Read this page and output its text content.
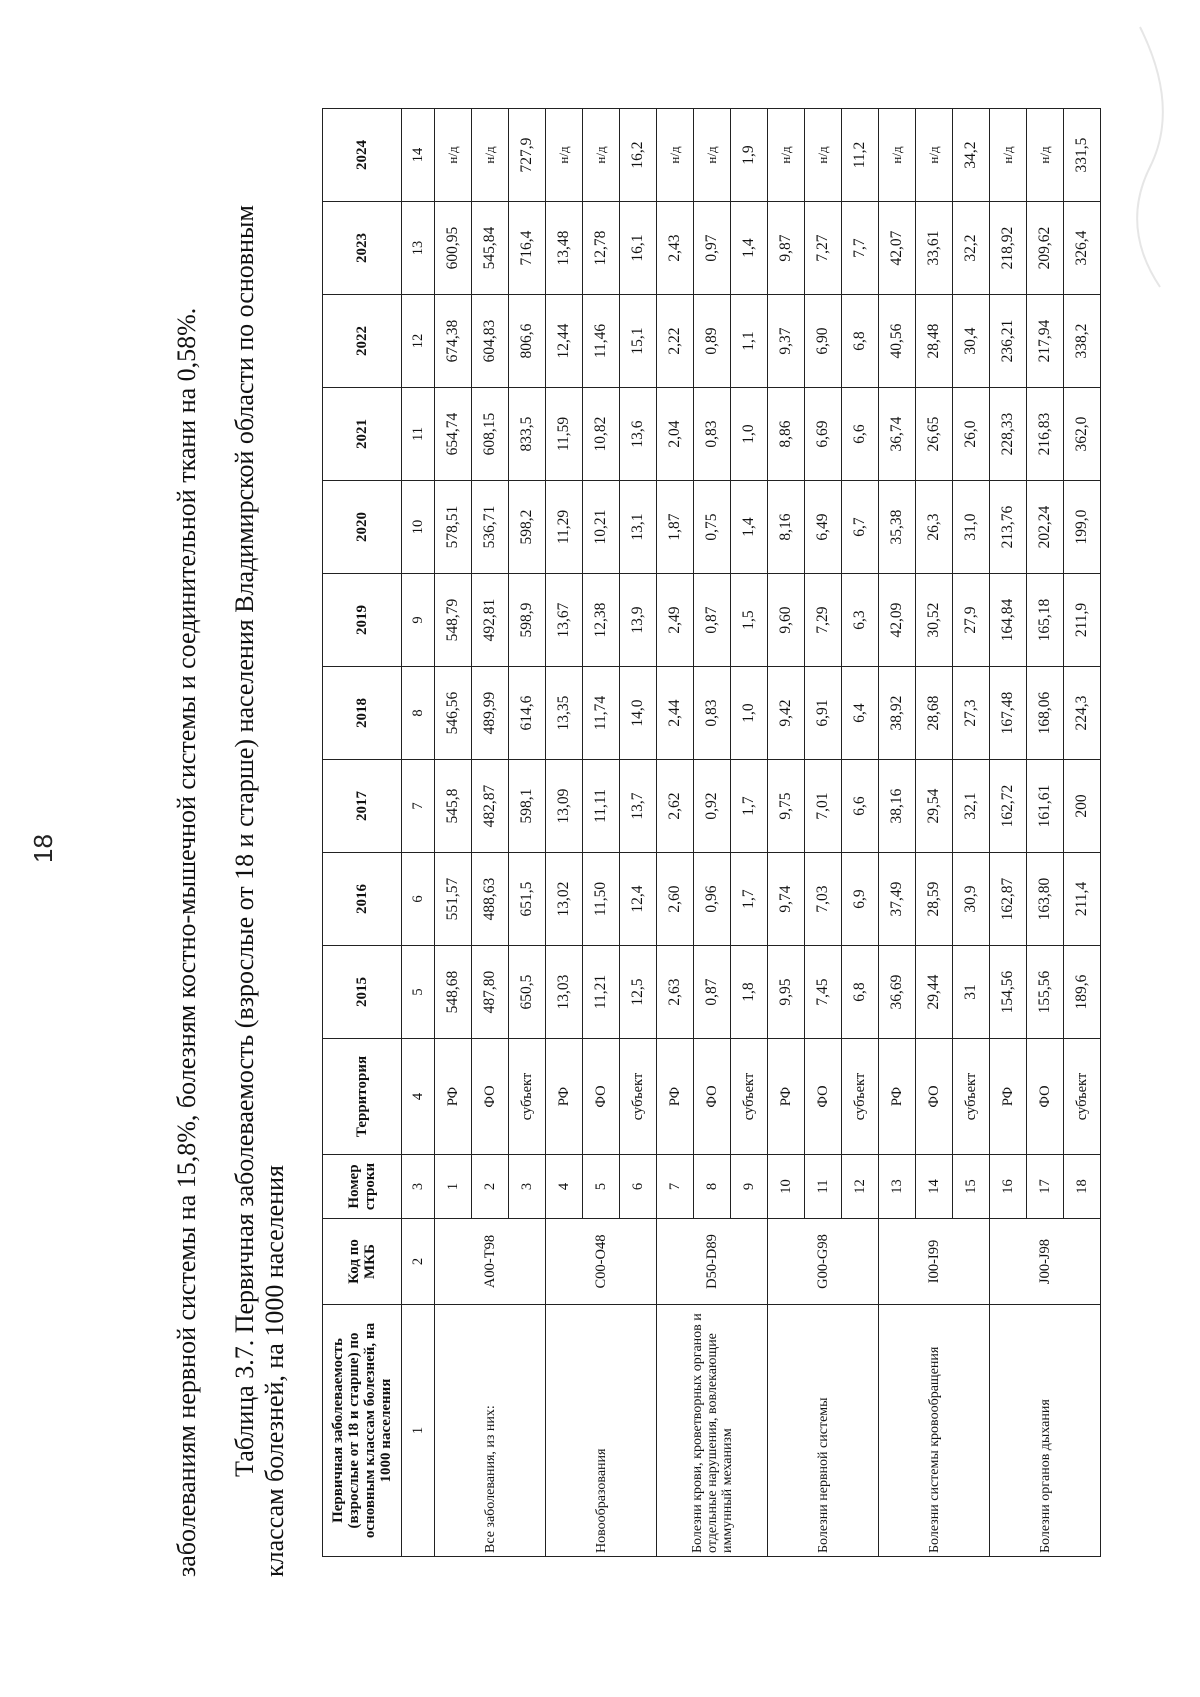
18	заболеваниям нервной системы на 15,8%, болезням костно-мышечной системы и соединительной ткани на 0,58%. Таблица 3.7. Первичная заболеваемость (взрослые от 18 и старше) населения Владимирской области по основным классам болезней, на 1000 населения	Первичная заболеваемость (взрослые от 18 и старше) по основным классам болезней, на 1000 населения	Код по МКБ	Номер строки	Территория	2015	2016	2017	2018	2019	2020	2021	2022	2023	2024
1	2	3	4	5	6	7	8	9	10	11	12	13	14
Все заболевания, из них:	A00-T98	1	РФ	548,68	551,57	545,8	546,56	548,79	578,51	654,74	674,38	600,95	н/д
		2	ФО	487,80	488,63	482,87	489,99	492,81	536,71	608,15	604,83	545,84	н/д
		3	субъект	650,5	651,5	598,1	614,6	598,9	598,2	833,5	806,6	716,4	727,9
Новообразования	C00-O48	4	РФ	13,03	13,02	13,09	13,35	13,67	11,29	11,59	12,44	13,48	н/д
		5	ФО	11,21	11,50	11,11	11,74	12,38	10,21	10,82	11,46	12,78	н/д
		6	субъект	12,5	12,4	13,7	14,0	13,9	13,1	13,6	15,1	16,1	16,2
Болезни крови, кроветворных органов и отдельные нарушения, вовлекающие иммунный механизм	D50-D89	7	РФ	2,63	2,60	2,62	2,44	2,49	1,87	2,04	2,22	2,43	н/д
		8	ФО	0,87	0,96	0,92	0,83	0,87	0,75	0,83	0,89	0,97	н/д
		9	субъект	1,8	1,7	1,7	1,0	1,5	1,4	1,0	1,1	1,4	1,9
Болезни нервной системы	G00-G98	10	РФ	9,95	9,74	9,75	9,42	9,60	8,16	8,86	9,37	9,87	н/д
		11	ФО	7,45	7,03	7,01	6,91	7,29	6,49	6,69	6,90	7,27	н/д
		12	субъект	6,8	6,9	6,6	6,4	6,3	6,7	6,6	6,8	7,7	11,2
Болезни системы кровообращения	I00-I99	13	РФ	36,69	37,49	38,16	38,92	42,09	35,38	36,74	40,56	42,07	н/д
		14	ФО	29,44	28,59	29,54	28,68	30,52	26,3	26,65	28,48	33,61	н/д
		15	субъект	31	30,9	32,1	27,3	27,9	31,0	26,0	30,4	32,2	34,2
Болезни органов дыхания	J00-J98	16	РФ	154,56	162,87	162,72	167,48	164,84	213,76	228,33	236,21	218,92	н/д
		17	ФО	155,56	163,80	161,61	168,06	165,18	202,24	216,83	217,94	209,62	н/д
		18	субъект	189,6	211,4	200	224,3	211,9	199,0	362,0	338,2	326,4	331,5
